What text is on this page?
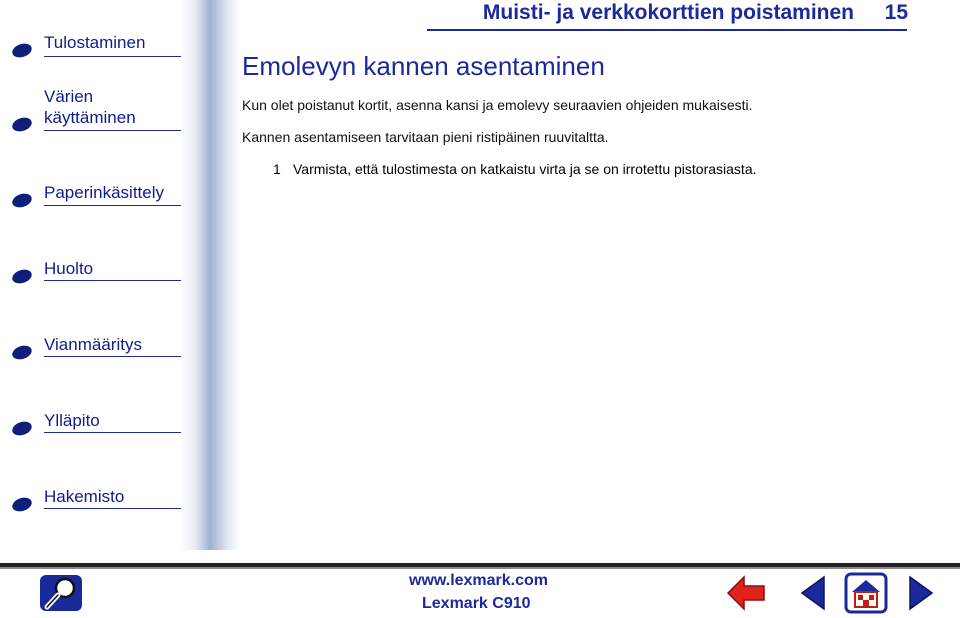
Tulostaminen
Värien
käyttäminen
Paperinkäsittely
Huolto
Vianmääritys
Ylläpito
Hakemisto
Muisti- ja verkkokorttien poistaminen 15
Emolevyn kannen asentaminen
Kun olet poistanut kortit, asenna kansi ja emolevy seuraavien ohjeiden mukaisesti.
Kannen asentamiseen tarvitaan pieni ristipäinen ruuvitaltta.
1 Varmista, että tulostimesta on katkaistu virta ja se on irrotettu pistorasiasta.
www.lexmark.com
Lexmark C910
